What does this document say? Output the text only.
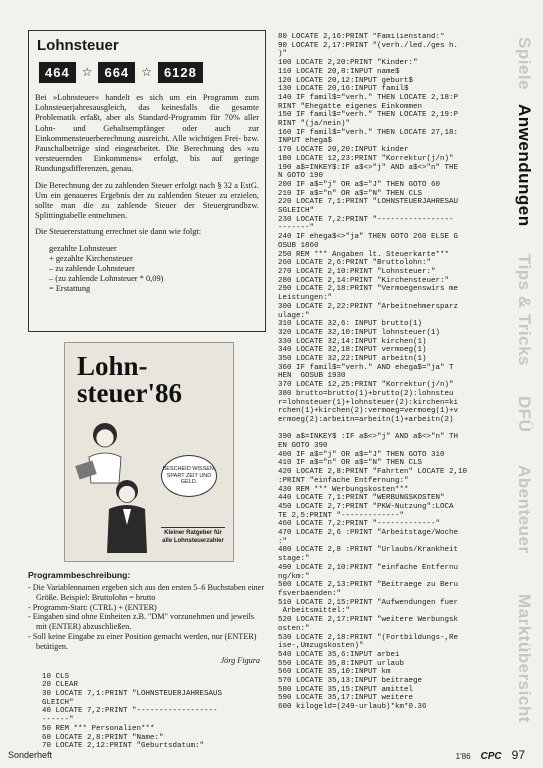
Lohnsteuer
464	☆ 664	☆ 6128

Bei »Lohnsteuer« handelt es sich um ein Programm zum Lohnsteuerjahresausgleich, das keinesfalls die gesamte Problematik erfaßt, aber als Standard-Programm für 70% aller Lohn- und Gehaltsempfänger oder auch zur Einkommensteuerberechnung ausreicht. Alle wichtigen Frei- bzw. Pauschalbeträge sind eingearbeitet. Die Berechnung des »zu versteuernden Einkommens« erfolgt, bis auf geringe Rundungsdifferenzen, genau.

Die Berechnung der zu zahlenden Steuer erfolgt nach § 32 a EstG. Um ein genaueres Ergebnis der zu zahlenden Steuer zu erzielen, sollte man die zu zahlende Steuer der Steuergrundbzw. Splittingtabelle entnehmen.

Die Steuererstattung errechnet sie dann wie folgt:

gezahlte Lohnsteuer
+ gezahlte Kirchensteuer
– zu zahlende Lohnsteuer
– (zu zahlende Lohnsteuer * 0,09)
= Erstattung
Lohn-
steuer'86
BESCHEID WISSEN, SPART ZEIT UND GELD.
Kleiner Ratgeber für alle Lohnsteuerzahler
Programmbeschreibung:
- Die Variablennamen ergeben sich aus den ersten 5–6 Buchstaben einer Größe. Beispiel: Bruttolohn = brutto
- Programm-Start: (CTRL) + (ENTER)
- Eingaben sind ohne Einheiten z.B. "DM" vorzunehmen und jeweils mit (ENTER) abzuschließen.
- Soll keine Eingabe zu einer Position gemacht werden, nur (ENTER) betätigen.
Jörg Figura
10 CLS
20 CLEAR
30 LOCATE 7,1:PRINT "LOHNSTEUERJAHRESAUS
GLEICH"
40 LOCATE 7,2:PRINT "------------------
------"
50 REM *** Personalien***
60 LOCATE 2,8:PRINT "Name:"
70 LOCATE 2,12:PRINT "Geburtsdatum:"
80 LOCATE 2,16:PRINT "Familienstand:"
90 LOCATE 2,17:PRINT "(verh./led./ges h.
)"
100 LOCATE 2,20:PRINT "Kinder:"
110 LOCATE 20,8:INPUT name$
120 LOCATE 20,12:INPUT geburt$
130 LOCATE 20,16:INPUT famil$
140 IF famil$="verh." THEN LOCATE 2,18:P
RINT "Ehegatte eigenes Einkommen
150 IF famil$="verh." THEN LOCATE 2,19:P
RINT "(ja/nein)"
160 IF famil$="verh." THEN LOCATE 27,18:
INPUT ehega$
170 LOCATE 20,20:INPUT kinder
180 LOCATE 12,23:PRINT "Korrektur(j/n)"
190 a$=INKEY$:IF a$<>"j" AND a$<>"n" THE
N GOTO 190
200 IF a$="j" OR a$="J" THEN GOTO 60
210 IF a$="n" OR a$="N" THEN CLS
220 LOCATE 7,1:PRINT "LOHNSTEUERJAHRESAU
SGLEICH"
230 LOCATE 7,2:PRINT "-----------------
-------"
240 IF ehega$<>"ja" THEN GOTO 260 ELSE G
OSUB 1860
250 REM *** Angaben lt. Steuerkarte***
260 LOCATE 2,6:PRINT "Bruttolohn:"
270 LOCATE 2,10:PRINT "Lohnsteuer:"
280 LOCATE 2,14:PRINT "Kirchensteuer:"
290 LOCATE 2,18:PRINT "Vermoegenswirs me
Leistungen:"
300 LOCATE 2,22:PRINT "Arbeitnehmersparz
ulage:"
310 LOCATE 32,6: INPUT brutto(1)
320 LOCATE 32,10:INPUT lohnsteuer(1)
330 LOCATE 32,14:INPUT kirchen(1)
340 LOCATE 32,18:INPUT vermoeg(1)
350 LOCATE 32,22:INPUT arbeitn(1)
360 IF famil$="verh." AND ehega$="ja" T
HEN  GOSUB 1930
370 LOCATE 12,25:PRINT "Korrektur(j/n)"
380 brutto=brutto(1)+brutto(2):lohnsteu
r=lohnsteuer(1)+lohnsteuer(2):kirchen=ki
rchen(1)+kirchen(2):vermoeg=vermoeg(1)+v
ermoeg(2):arbeitn=arbeitn(1)+arbeitn(2)

390 a$=INKEY$ :IF a$<>"j" AND a$<>"n" TH
EN GOTO 390
400 IF a$="j" OR a$="J" THEN GOTO 310
410 IF a$="n" OR a$="N" THEN CLS
420 LOCATE 2,8:PRINT "Fahrten" LOCATE 2,10
:PRINT "einfache Entfernung:"
430 REM *** Werbungskosten***
440 LOCATE 7,1:PRINT "WERBUNGSKOSTEN"
450 LOCATE 2,7:PRINT "PKW-Nutzung":LOCA
TE 2,5:PRINT "-------------"
460 LOCATE 7,2:PRINT "-------------"
470 LOCATE 2,6 :PRINT "Arbeitstage/Woche
:"
480 LOCATE 2,8 :PRINT "Urlaubs/Krankheit
stage:"
490 LOCATE 2,10:PRINT "einfache Entfernu
ng/km:"
500 LOCATE 2,13:PRINT "Beitraege zu Beru
fsverbaenden:"
510 LOCATE 2,15:PRINT "Aufwendungen fuer
Arbeitsmittel:"
520 LOCATE 2,17:PRINT "weitere Werbungsk
osten:"
530 LOCATE 2,18:PRINT "(Fortbildungs-,Re
ise-,Umzugskosten)"
540 LOCATE 35,6:INPUT arbei
550 LOCATE 35,8:INPUT urlaub
560 LOCATE 35,10:INPUT km
570 LOCATE 35,13:INPUT beitraege
580 LOCATE 35,15:INPUT amittel
590 LOCATE 35,17:INPUT weitere
600 kilogeld=(249-urlaub)*km*0.36
Spiele
Anwendungen
Tips & Tricks
DFÜ
Abenteuer
Marktübersicht
Sonderheft	1'86 CPC 97
